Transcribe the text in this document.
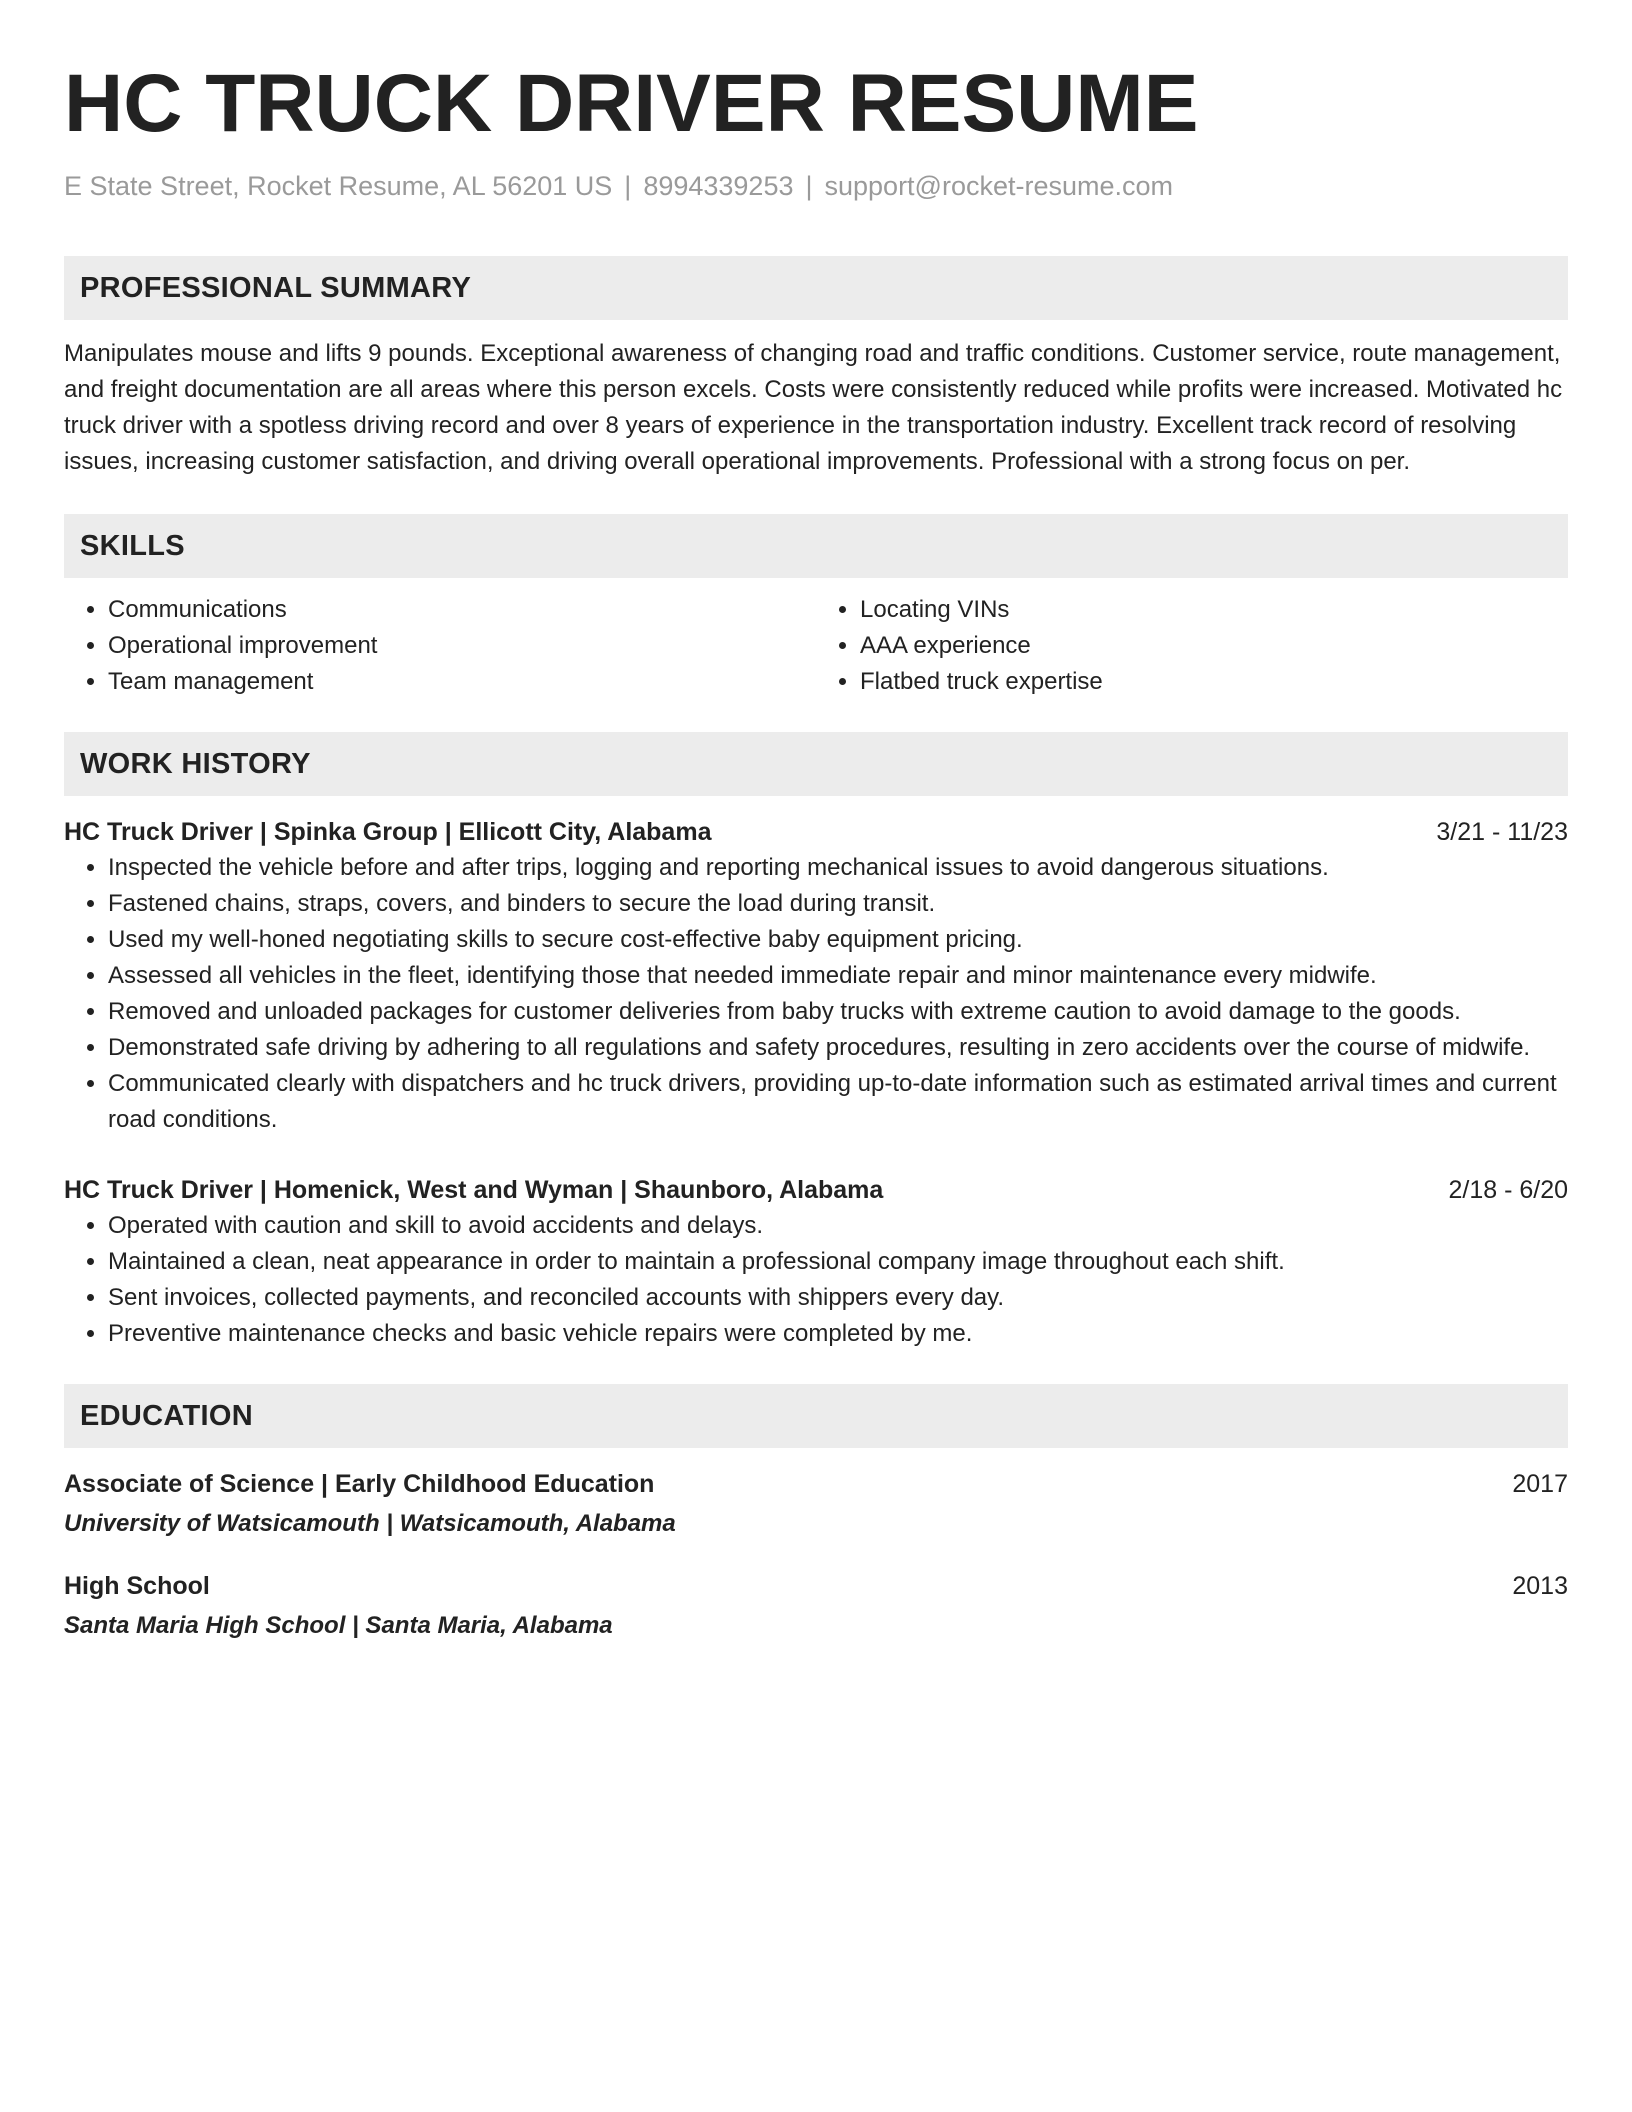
HC TRUCK DRIVER RESUME
E State Street, Rocket Resume, AL 56201 US | 8994339253 | support@rocket-resume.com
PROFESSIONAL SUMMARY
Manipulates mouse and lifts 9 pounds. Exceptional awareness of changing road and traffic conditions. Customer service, route management, and freight documentation are all areas where this person excels. Costs were consistently reduced while profits were increased. Motivated hc truck driver with a spotless driving record and over 8 years of experience in the transportation industry. Excellent track record of resolving issues, increasing customer satisfaction, and driving overall operational improvements. Professional with a strong focus on per.
SKILLS
• Communications
• Operational improvement
• Team management
• Locating VINs
• AAA experience
• Flatbed truck expertise
WORK HISTORY
HC Truck Driver | Spinka Group | Ellicott City, Alabama	3/21 - 11/23
• Inspected the vehicle before and after trips, logging and reporting mechanical issues to avoid dangerous situations.
• Fastened chains, straps, covers, and binders to secure the load during transit.
• Used my well-honed negotiating skills to secure cost-effective baby equipment pricing.
• Assessed all vehicles in the fleet, identifying those that needed immediate repair and minor maintenance every midwife.
• Removed and unloaded packages for customer deliveries from baby trucks with extreme caution to avoid damage to the goods.
• Demonstrated safe driving by adhering to all regulations and safety procedures, resulting in zero accidents over the course of midwife.
• Communicated clearly with dispatchers and hc truck drivers, providing up-to-date information such as estimated arrival times and current road conditions.
HC Truck Driver | Homenick, West and Wyman | Shaunboro, Alabama	2/18 - 6/20
• Operated with caution and skill to avoid accidents and delays.
• Maintained a clean, neat appearance in order to maintain a professional company image throughout each shift.
• Sent invoices, collected payments, and reconciled accounts with shippers every day.
• Preventive maintenance checks and basic vehicle repairs were completed by me.
EDUCATION
Associate of Science | Early Childhood Education	2017
University of Watsicamouth | Watsicamouth, Alabama
High School	2013
Santa Maria High School | Santa Maria, Alabama
